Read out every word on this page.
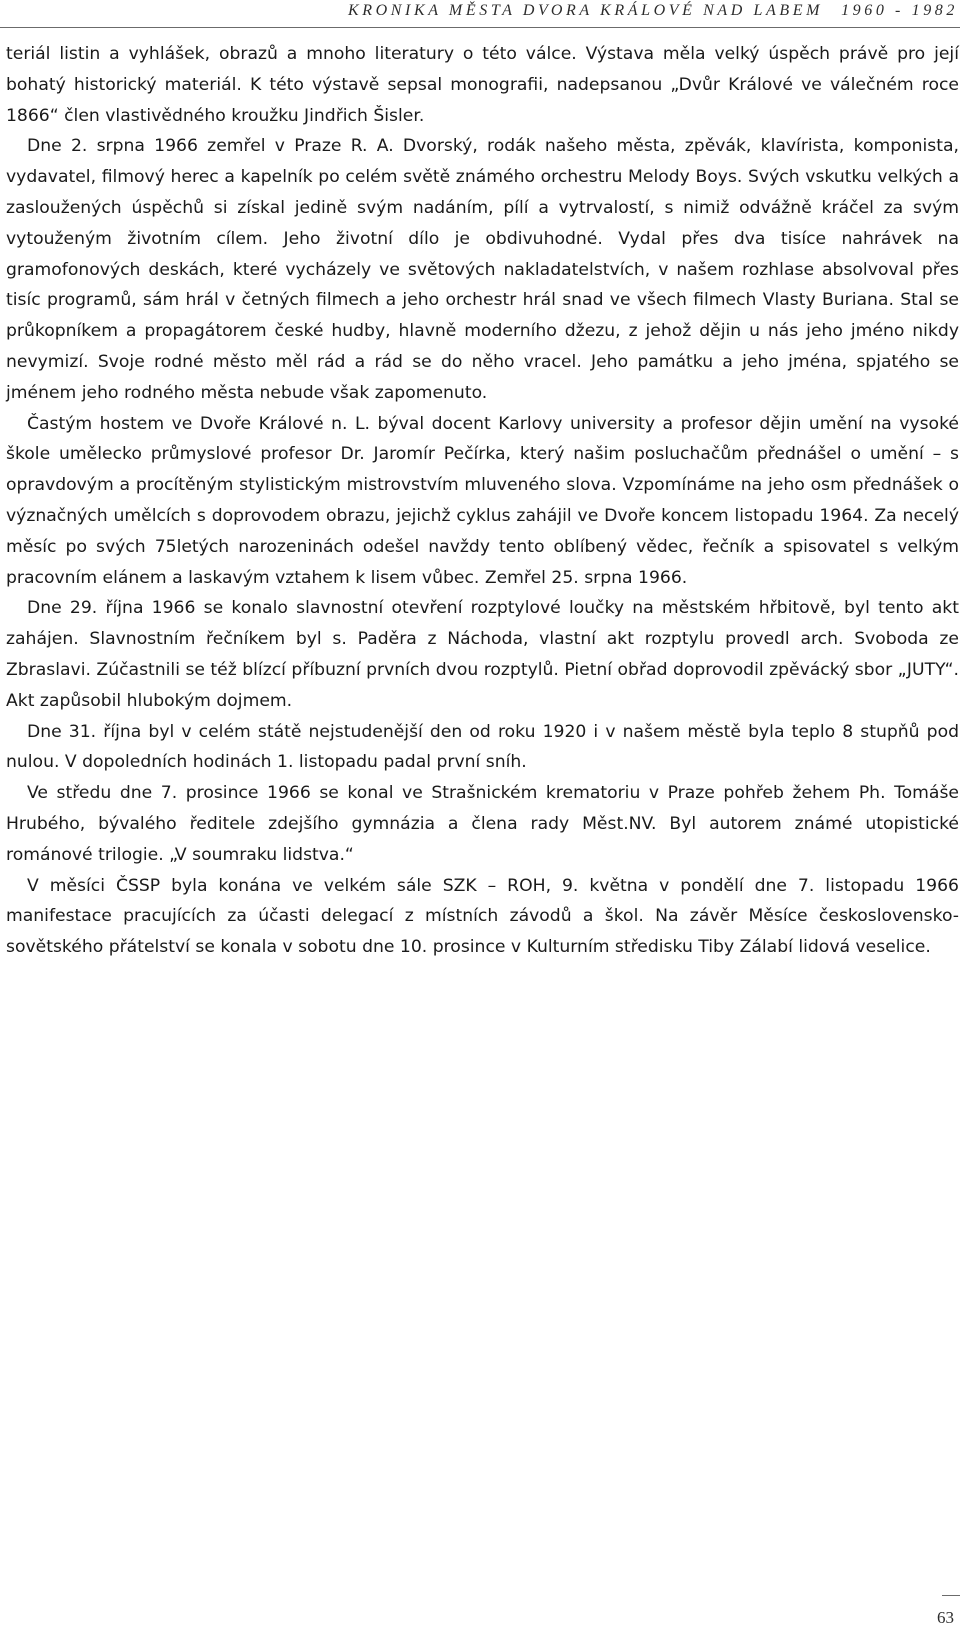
KRONIKA MĚSTA DVORA KRÁLOVÉ NAD LABEM 1960 - 1982

teriál listin a vyhlášek, obrazů a mnoho literatury o této válce. Výstava měla velký úspěch právě pro její bohatý historický materiál. K této výstavě sepsal monografii, nadepsanou „Dvůr Králové ve válečném roce 1866“ člen vlastivědného kroužku Jindřich Šisler.

Dne 2. srpna 1966 zemřel v Praze R. A. Dvorský, rodák našeho města, zpěvák, klavírista, komponista, vydavatel, filmový herec a kapelník po celém světě známého orchestru Melody Boys. Svých vskutku velkých a zasloužených úspěchů si získal jedině svým nadáním, pílí a vytrvalostí, s nimiž odvážně kráčel za svým vytouženým životním cílem. Jeho životní dílo je obdivuhodné. Vydal přes dva tisíce nahrávek na gramofonových deskách, které vycházely ve světových nakladatelstvích, v našem rozhlase absolvoval přes tisíc programů, sám hrál v četných filmech a jeho orchestr hrál snad ve všech filmech Vlasty Buriana. Stal se průkopníkem a propagátorem české hudby, hlavně moderního džezu, z jehož dějin u nás jeho jméno nikdy nevymizí. Svoje rodné město měl rád a rád se do něho vracel. Jeho památku a jeho jména, spjatého se jménem jeho rodného města nebude však zapomenuto.

Častým hostem ve Dvoře Králové n. L. býval docent Karlovy university a profesor dějin umění na vysoké škole umělecko průmyslové profesor Dr. Jaromír Pečírka, který našim posluchačům přednášel o umění – s opravdovým a procítěným stylistickým mistrovstvím mluveného slova. Vzpomínáme na jeho osm přednášek o význačných umělcích s doprovodem obrazu, jejichž cyklus zahájil ve Dvoře koncem listopadu 1964. Za necelý měsíc po svých 75letých narozeninách odešel navždy tento oblíbený vědec, řečník a spisovatel s velkým pracovním elánem a laskavým vztahem k lisem vůbec. Zemřel 25. srpna 1966.

Dne 29. října 1966 se konalo slavnostní otevření rozptylové loučky na městském hřbitově, byl tento akt zahájen. Slavnostním řečníkem byl s. Paděra z Náchoda, vlastní akt rozptylu provedl arch. Svoboda ze Zbraslavi. Zúčastnili se též blízcí příbuzní prvních dvou rozptylů. Pietní obřad doprovodil zpěvácký sbor „JUTY“. Akt zapůsobil hlubokým dojmem.

Dne 31. října byl v celém státě nejstudenější den od roku 1920 i v našem městě byla teplo 8 stupňů pod nulou. V dopoledních hodinách 1. listopadu padal první sníh.

Ve středu dne 7. prosince 1966 se konal ve Strašnickém krematoriu v Praze pohřeb žehem Ph. Tomáše Hrubého, bývalého ředitele zdejšího gymnázia a člena rady Měst.NV. Byl autorem známé utopistické románové trilogie. „V soumraku lidstva.“

V měsíci ČSSP byla konána ve velkém sále SZK – ROH, 9. května v pondělí dne 7. listopadu 1966 manifestace pracujících za účasti delegací z místních závodů a škol. Na závěr Měsíce československo-sovětského přátelství se konala v sobotu dne 10. prosince v Kulturním středisku Tiby Zálabí lidová veselice.

63
